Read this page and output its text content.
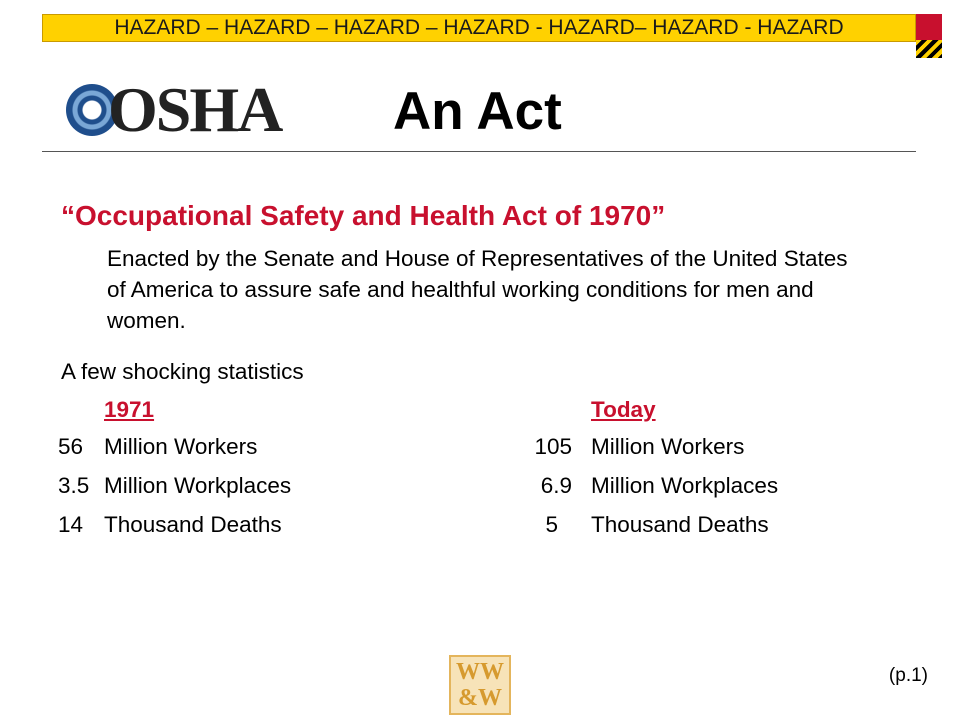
HAZARD – HAZARD – HAZARD – HAZARD - HAZARD– HAZARD - HAZARD
OSHA An Act
“Occupational Safety and Health Act of 1970”
Enacted by the Senate and House of Representatives of the United States of America to assure safe and healthful working conditions for men and women.
A few shocking statistics
1971	Today
56 Million Workers	105 Million Workers
3.5 Million Workplaces	6.9 Million Workplaces
14 Thousand Deaths	5 Thousand Deaths
WW
&W
(p.1)
